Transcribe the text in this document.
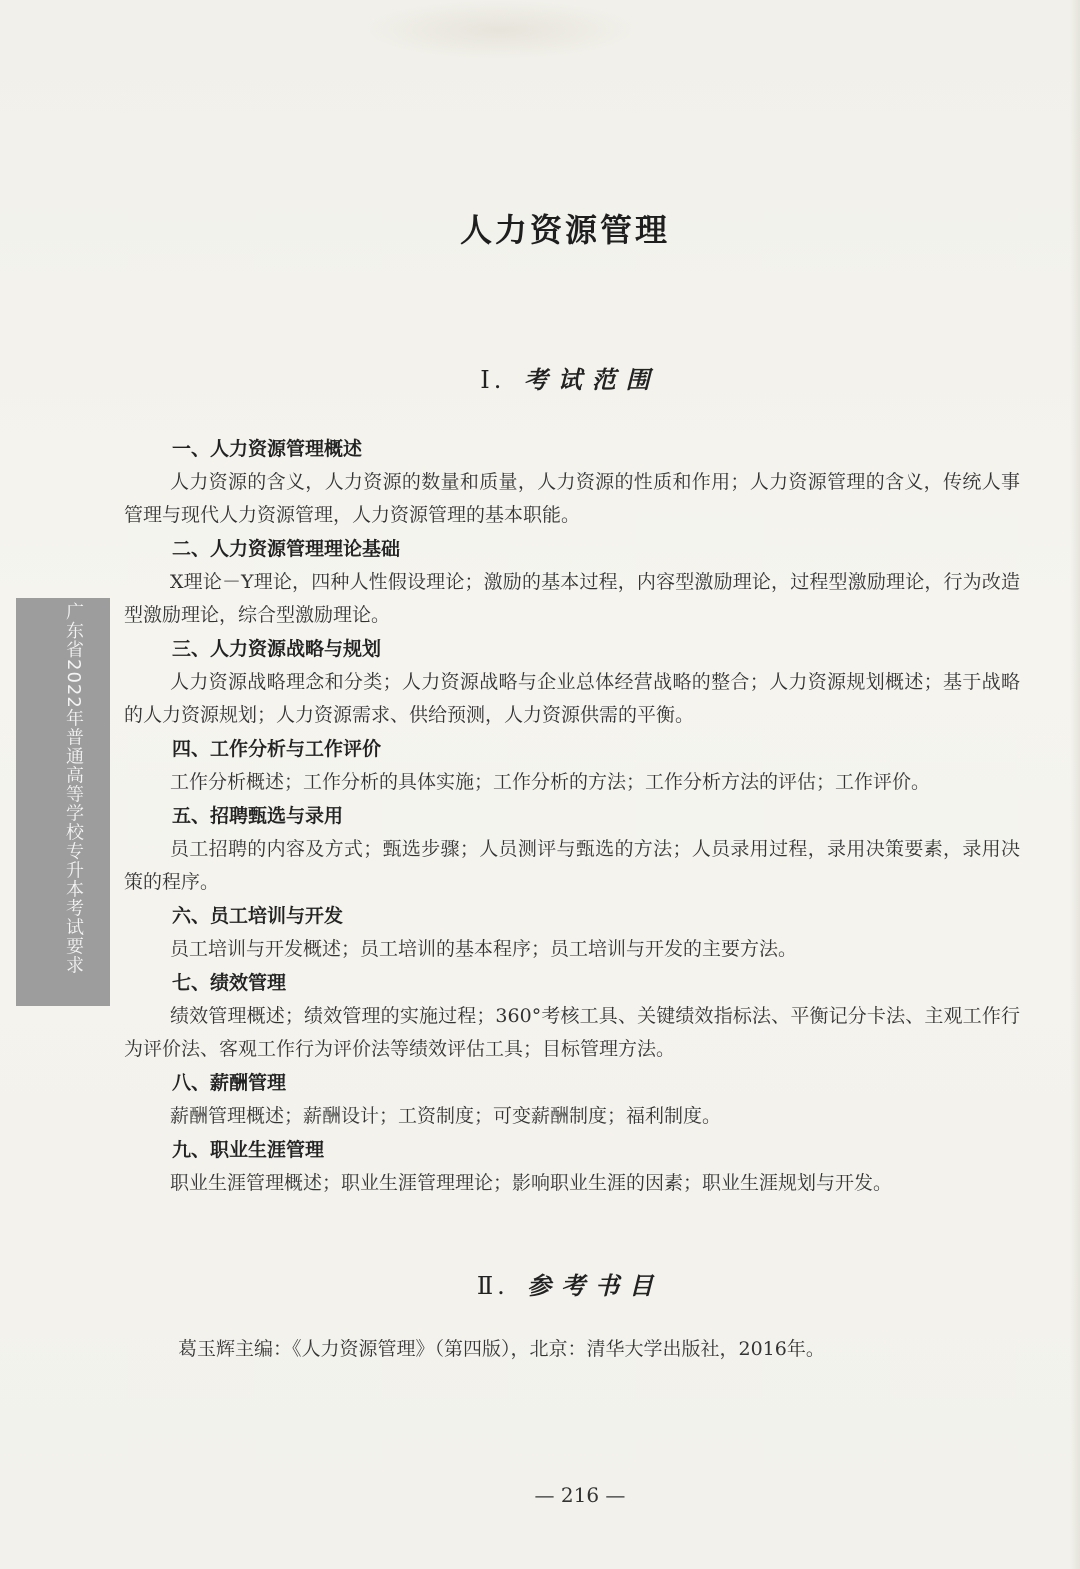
人力资源管理
Ⅰ. 考试范围
一、人力资源管理概述

人力资源的含义，人力资源的数量和质量，人力资源的性质和作用；人力资源管理的含义，传统人事管理与现代人力资源管理，人力资源管理的基本职能。

二、人力资源管理理论基础

X理论－Y理论，四种人性假设理论；激励的基本过程，内容型激励理论，过程型激励理论，行为改造型激励理论，综合型激励理论。

三、人力资源战略与规划

人力资源战略理念和分类；人力资源战略与企业总体经营战略的整合；人力资源规划概述；基于战略的人力资源规划；人力资源需求、供给预测，人力资源供需的平衡。

四、工作分析与工作评价

工作分析概述；工作分析的具体实施；工作分析的方法；工作分析方法的评估；工作评价。

五、招聘甄选与录用

员工招聘的内容及方式；甄选步骤；人员测评与甄选的方法；人员录用过程，录用决策要素，录用决策的程序。

六、员工培训与开发

员工培训与开发概述；员工培训的基本程序；员工培训与开发的主要方法。

七、绩效管理

绩效管理概述；绩效管理的实施过程；360°考核工具、关键绩效指标法、平衡记分卡法、主观工作行为评价法、客观工作行为评价法等绩效评估工具；目标管理方法。

八、薪酬管理

薪酬管理概述；薪酬设计；工资制度；可变薪酬制度；福利制度。

九、职业生涯管理

职业生涯管理概述；职业生涯管理理论；影响职业生涯的因素；职业生涯规划与开发。

Ⅱ. 参考书目
葛玉辉主编：《人力资源管理》（第四版），北京：清华大学出版社，2016年。
— 216 —
广东省2022年普通高等学校专升本考试要求
